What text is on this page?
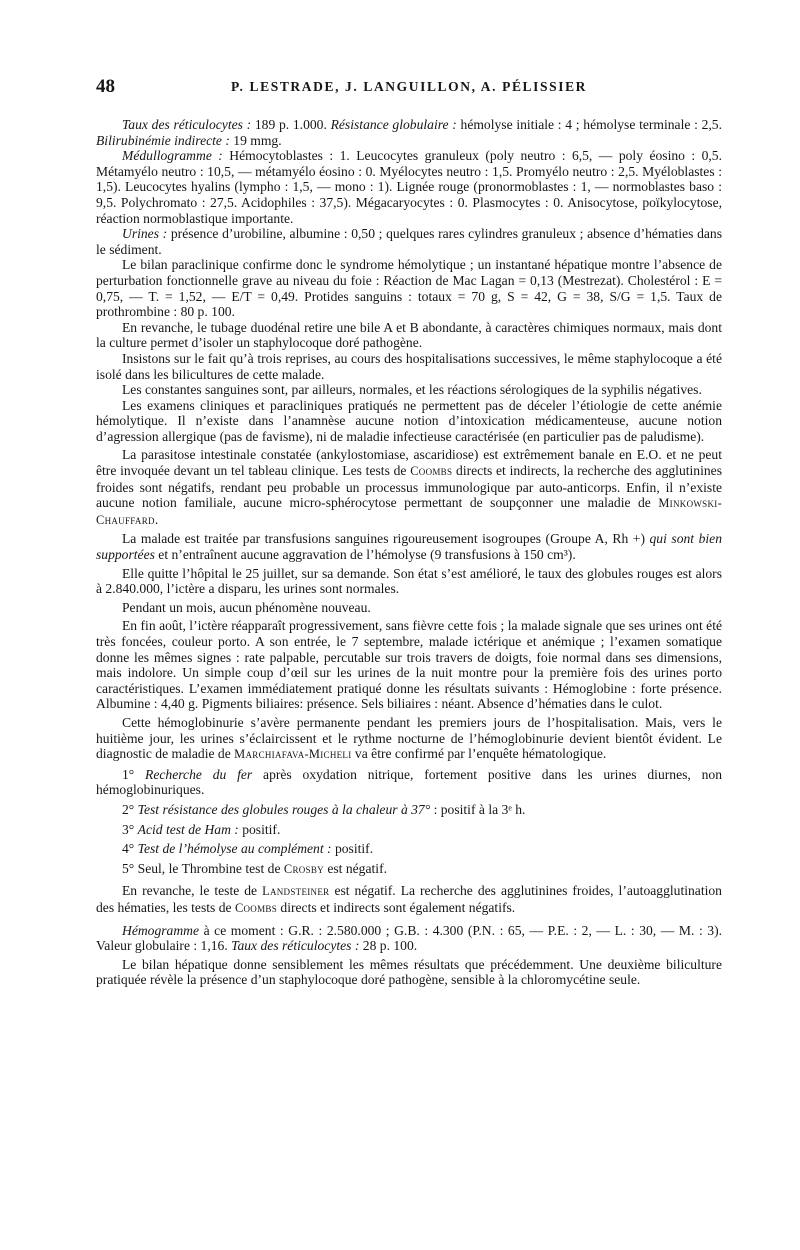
48	P. LESTRADE, J. LANGUILLON, A. PÉLISSIER

Taux des réticulocytes : 189 p. 1.000. Résistance globulaire : hémolyse initiale : 4 ; hémolyse terminale : 2,5. Bilirubinémie indirecte : 19 mmg.

Médullogramme : Hémocytoblastes : 1. Leucocytes granuleux (poly neutro : 6,5, — poly éosino : 0,5. Métamyélo neutro : 10,5, — métamyélo éosino : 0. Myélocytes neutro : 1,5. Promyélo neutro : 2,5. Myéloblastes : 1,5). Leucocytes hyalins (lympho : 1,5, — mono : 1). Lignée rouge (pronormoblastes : 1, — normoblastes baso : 9,5. Polychromato : 27,5. Acidophiles : 37,5). Mégacaryocytes : 0. Plasmocytes : 0. Anisocytose, poïkylocytose, réaction normoblastique importante.

Urines : présence d’urobiline, albumine : 0,50 ; quelques rares cylindres granuleux ; absence d’hématies dans le sédiment.

Le bilan paraclinique confirme donc le syndrome hémolytique ; un instantané hépatique montre l’absence de perturbation fonctionnelle grave au niveau du foie : Réaction de Mac Lagan = 0,13 (Mestrezat). Cholestérol : E = 0,75, — T. = 1,52, — E/T = 0,49. Protides sanguins : totaux = 70 g, S = 42, G = 38, S/G = 1,5. Taux de prothrombine : 80 p. 100.

En revanche, le tubage duodénal retire une bile A et B abondante, à caractères chimiques normaux, mais dont la culture permet d’isoler un staphylocoque doré pathogène.

Insistons sur le fait qu’à trois reprises, au cours des hospitalisations successives, le même staphylocoque a été isolé dans les bilicultures de cette malade.

Les constantes sanguines sont, par ailleurs, normales, et les réactions sérologiques de la syphilis négatives.

Les examens cliniques et paracliniques pratiqués ne permettent pas de déceler l’étiologie de cette anémie hémolytique. Il n’existe dans l’anamnèse aucune notion d’intoxication médicamenteuse, aucune notion d’agression allergique (pas de favisme), ni de maladie infectieuse caractérisée (en particulier pas de paludisme).

La parasitose intestinale constatée (ankylostomiase, ascaridiose) est extrêmement banale en E.O. et ne peut être invoquée devant un tel tableau clinique. Les tests de Coombs directs et indirects, la recherche des agglutinines froides sont négatifs, rendant peu probable un processus immunologique par auto-anticorps. Enfin, il n’existe aucune notion familiale, aucune micro-sphérocytose permettant de soupçonner une maladie de Minkowski-Chauffard.

La malade est traitée par transfusions sanguines rigoureusement isogroupes (Groupe A, Rh +) qui sont bien supportées et n’entraînent aucune aggravation de l’hémolyse (9 transfusions à 150 cm³).

Elle quitte l’hôpital le 25 juillet, sur sa demande. Son état s’est amélioré, le taux des globules rouges est alors à 2.840.000, l’ictère a disparu, les urines sont normales.

Pendant un mois, aucun phénomène nouveau.

En fin août, l’ictère réapparaît progressivement, sans fièvre cette fois ; la malade signale que ses urines ont été très foncées, couleur porto. A son entrée, le 7 septembre, malade ictérique et anémique ; l’examen somatique donne les mêmes signes : rate palpable, percutable sur trois travers de doigts, foie normal dans ses dimensions, mais indolore. Un simple coup d’œil sur les urines de la nuit montre pour la première fois des urines porto caractéristiques. L’examen immédiatement pratiqué donne les résultats suivants : Hémoglobine : forte présence. Albumine : 4,40 g. Pigments biliaires: présence. Sels biliaires : néant. Absence d’hématies dans le culot.

Cette hémoglobinurie s’avère permanente pendant les premiers jours de l’hospitalisation. Mais, vers le huitième jour, les urines s’éclaircissent et le rythme nocturne de l’hémoglobinurie devient bientôt évident. Le diagnostic de maladie de Marchiafava-Micheli va être confirmé par l’enquête hématologique.

1° Recherche du fer après oxydation nitrique, fortement positive dans les urines diurnes, non hémoglobinuriques.

2° Test résistance des globules rouges à la chaleur à 37° : positif à la 3ᵉ h.

3° Acid test de Ham : positif.

4° Test de l’hémolyse au complément : positif.

5° Seul, le Thrombine test de Crosby est négatif.

En revanche, le teste de Landsteiner est négatif. La recherche des agglutinines froides, l’autoagglutination des hématies, les tests de Coombs directs et indirects sont également négatifs.

Hémogramme à ce moment : G.R. : 2.580.000 ; G.B. : 4.300 (P.N. : 65, — P.E. : 2, — L. : 30, — M. : 3). Valeur globulaire : 1,16. Taux des réticulocytes : 28 p. 100.

Le bilan hépatique donne sensiblement les mêmes résultats que précédemment. Une deuxième biliculture pratiquée révèle la présence d’un staphylocoque doré pathogène, sensible à la chloromycétine seule.
